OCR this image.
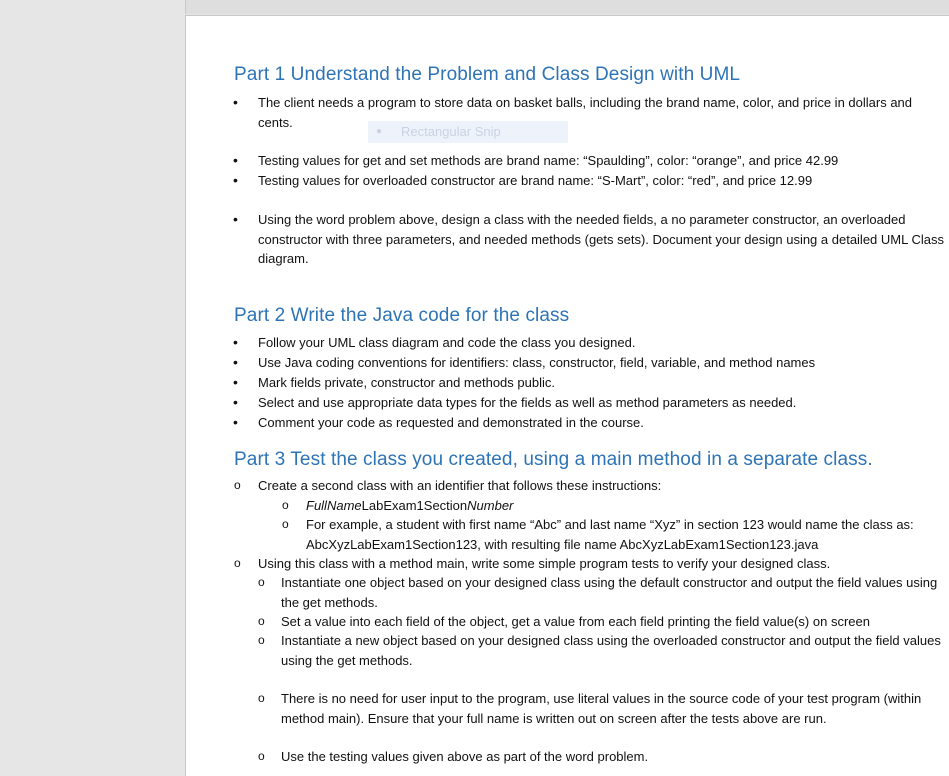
● Rectangular Snip
Part 1 Understand the Problem and Class Design with UML
•

The client needs a program to store data on basket balls, including the brand name, color, and price in dollars and cents.

•

Testing values for get and set methods are brand name: “Spaulding”, color: “orange”, and price 42.99

•

Testing values for overloaded constructor are brand name: “S-Mart”, color: “red”, and price 12.99

•

Using the word problem above, design a class with the needed fields, a no parameter constructor, an overloaded constructor with three parameters, and needed methods (gets sets). Document your design using a detailed UML Class diagram.

Part 2 Write the Java code for the class
•

Follow your UML class diagram and code the class you designed.

•

Use Java coding conventions for identifiers: class, constructor, field, variable, and method names

•

Mark fields private, constructor and methods public.

•

Select and use appropriate data types for the fields as well as method parameters as needed.

•

Comment your code as requested and demonstrated in the course.

Part 3 Test the class you created, using a main method in a separate class.
o

Create a second class with an identifier that follows these instructions:

o

FullNameLabExam1SectionNumber

o

For example, a student with first name “Abc” and last name “Xyz” in section 123 would name the class as: AbcXyzLabExam1Section123, with resulting file name AbcXyzLabExam1Section123.java

o

Using this class with a method main, write some simple program tests to verify your designed class.

o

Instantiate one object based on your designed class using the default constructor and output the field values using the get methods.

o

Set a value into each field of the object, get a value from each field printing the field value(s) on screen

o

Instantiate a new object based on your designed class using the overloaded constructor and output the field values using the get methods.

o

There is no need for user input to the program, use literal values in the source code of your test program (within method main). Ensure that your full name is written out on screen after the tests above are run.

o

Use the testing values given above as part of the word problem.
